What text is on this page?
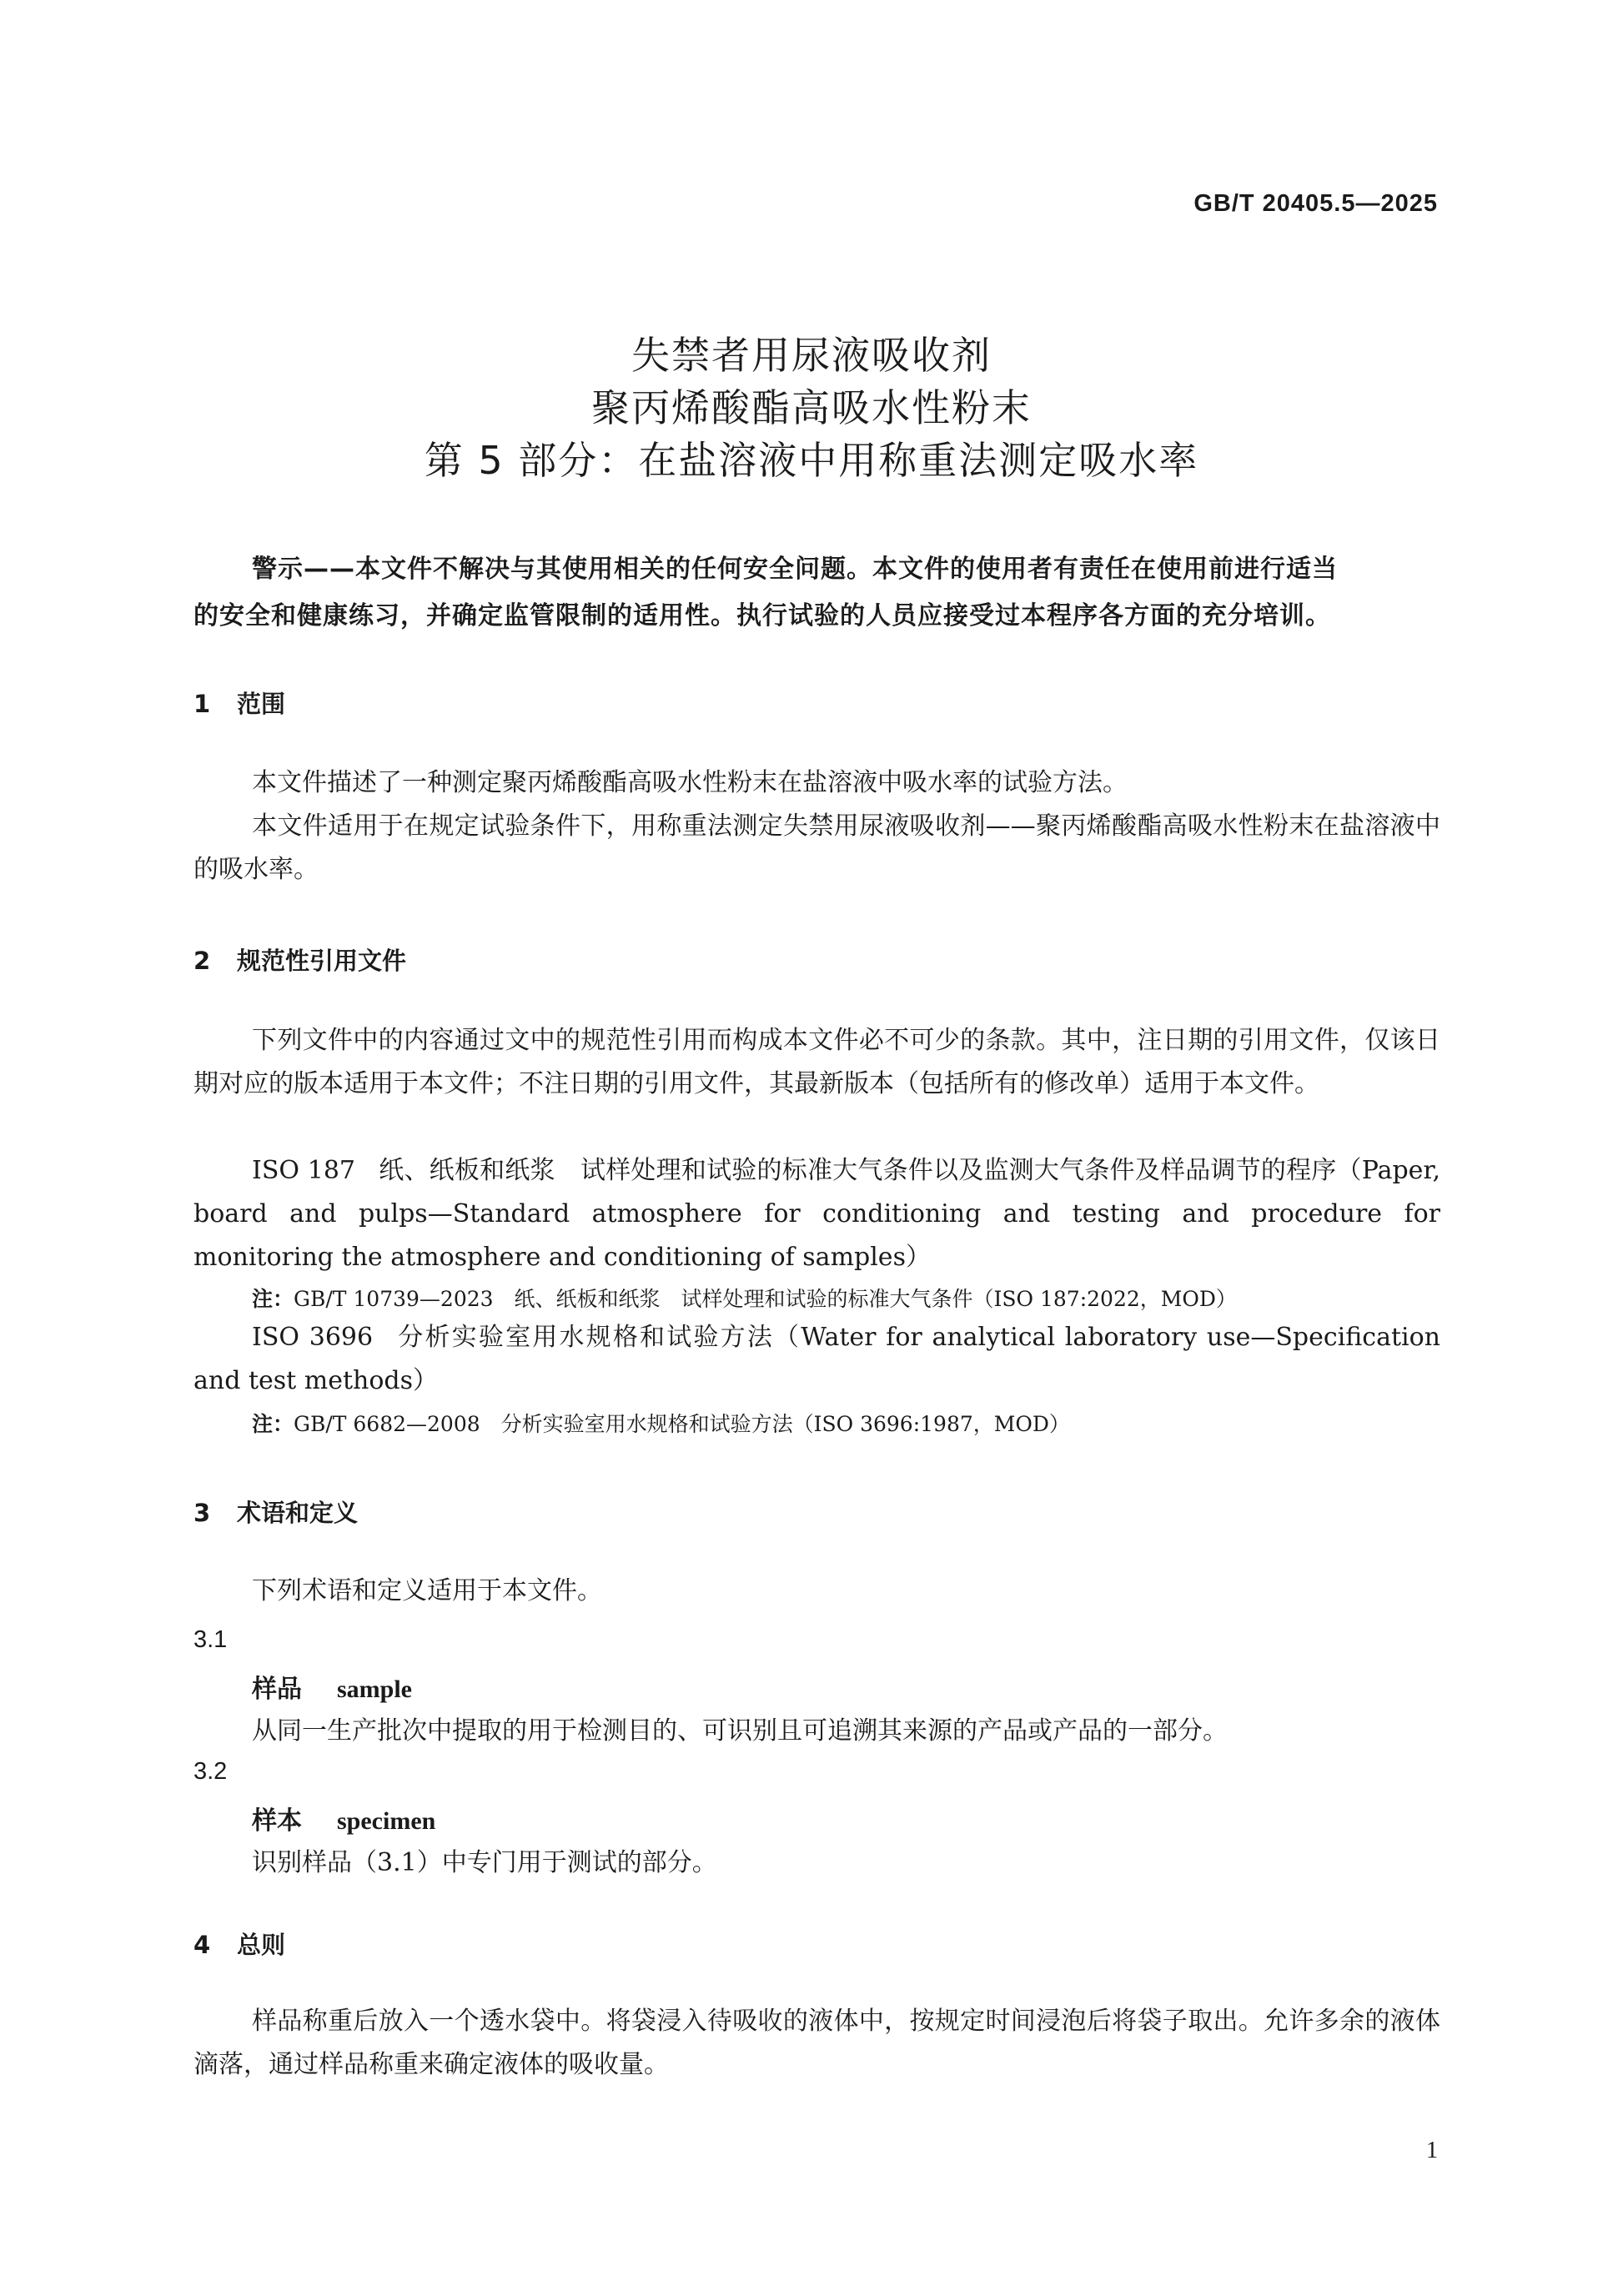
GB/T 20405.5—2025
失禁者用尿液吸收剂
聚丙烯酸酯高吸水性粉末
第 5 部分：在盐溶液中用称重法测定吸水率
警示——本文件不解决与其使用相关的任何安全问题。本文件的使用者有责任在使用前进行适当
的安全和健康练习，并确定监管限制的适用性。执行试验的人员应接受过本程序各方面的充分培训。
1 范围
本文件描述了一种测定聚丙烯酸酯高吸水性粉末在盐溶液中吸水率的试验方法。
本文件适用于在规定试验条件下，用称重法测定失禁用尿液吸收剂——聚丙烯酸酯高吸水性粉末在盐溶液中的吸水率。
2 规范性引用文件
下列文件中的内容通过文中的规范性引用而构成本文件必不可少的条款。其中，注日期的引用文件，仅该日期对应的版本适用于本文件；不注日期的引用文件，其最新版本（包括所有的修改单）适用于本文件。
ISO 187 纸、纸板和纸浆　试样处理和试验的标准大气条件以及监测大气条件及样品调节的程序（Paper, board and pulps—Standard atmosphere for conditioning and testing and procedure for monitoring the atmosphere and conditioning of samples）
注：GB/T 10739—2023　纸、纸板和纸浆　试样处理和试验的标准大气条件（ISO 187:2022，MOD）
ISO 3696 分析实验室用水规格和试验方法（Water for analytical laboratory use—Specification and test methods）
注：GB/T 6682—2008　分析实验室用水规格和试验方法（ISO 3696:1987，MOD）
3 术语和定义
下列术语和定义适用于本文件。
3.1
样品 sample
从同一生产批次中提取的用于检测目的、可识别且可追溯其来源的产品或产品的一部分。
3.2
样本 specimen
识别样品（3.1）中专门用于测试的部分。
4 总则
样品称重后放入一个透水袋中。将袋浸入待吸收的液体中，按规定时间浸泡后将袋子取出。允许多余的液体滴落，通过样品称重来确定液体的吸收量。
1
